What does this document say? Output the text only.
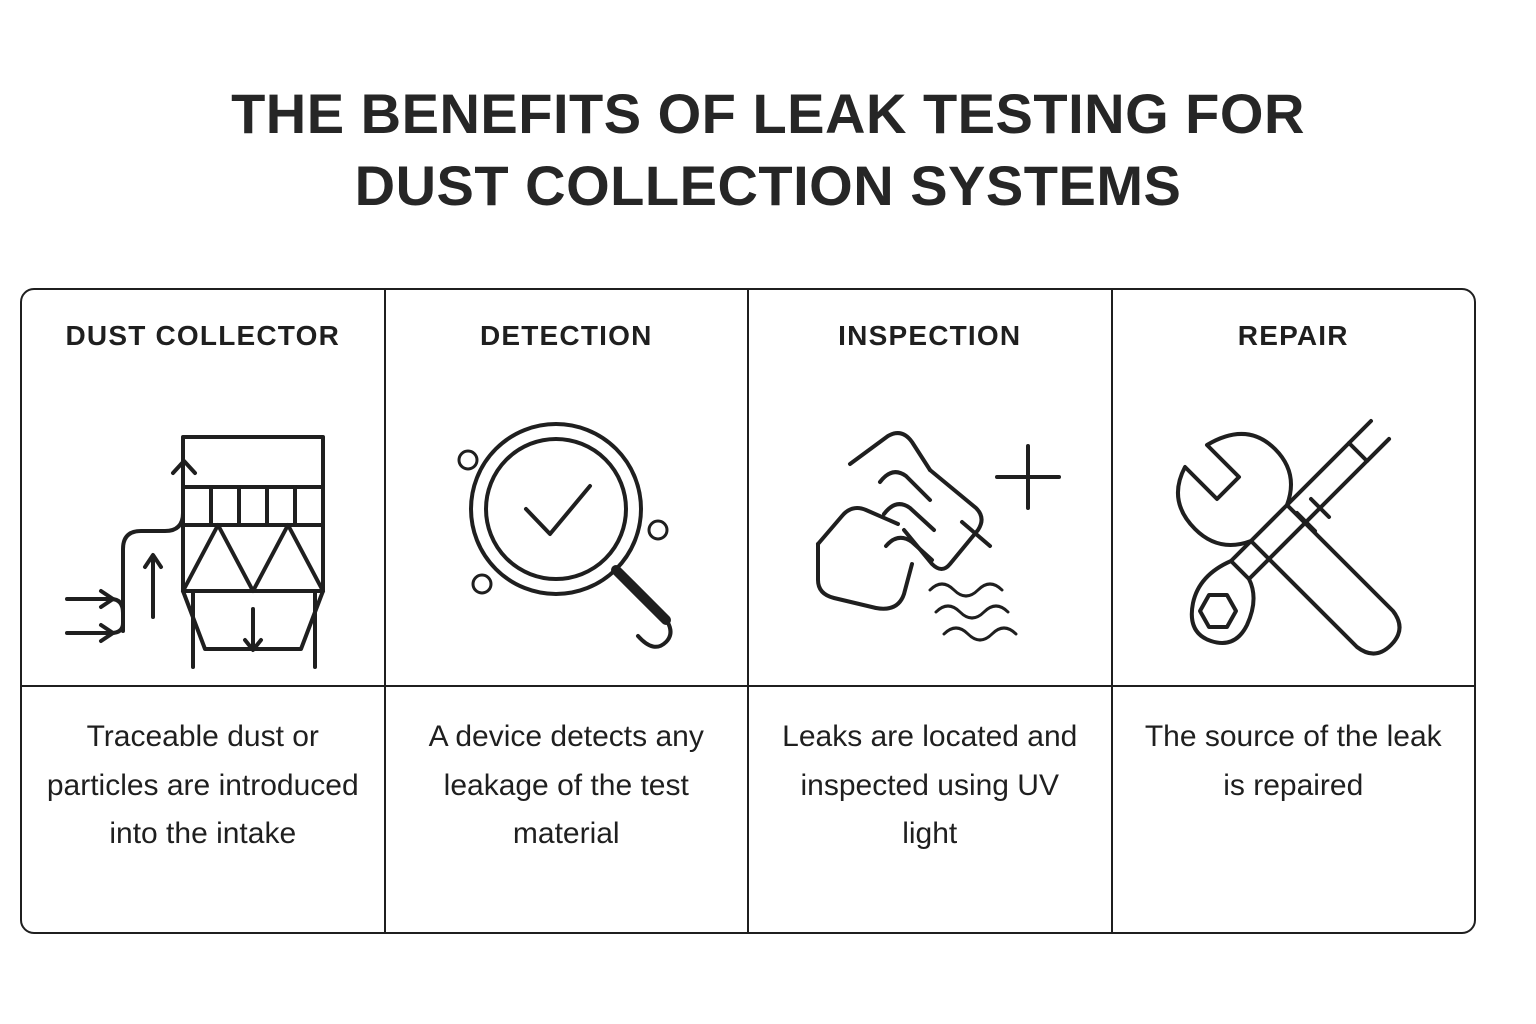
THE BENEFITS OF LEAK TESTING FOR
DUST COLLECTION SYSTEMS
DUST COLLECTOR
Traceable dust or particles are introduced into the intake
DETECTION
A device detects any leakage of the test material
INSPECTION
Leaks are located and inspected using UV light
REPAIR
The source of the leak is repaired
